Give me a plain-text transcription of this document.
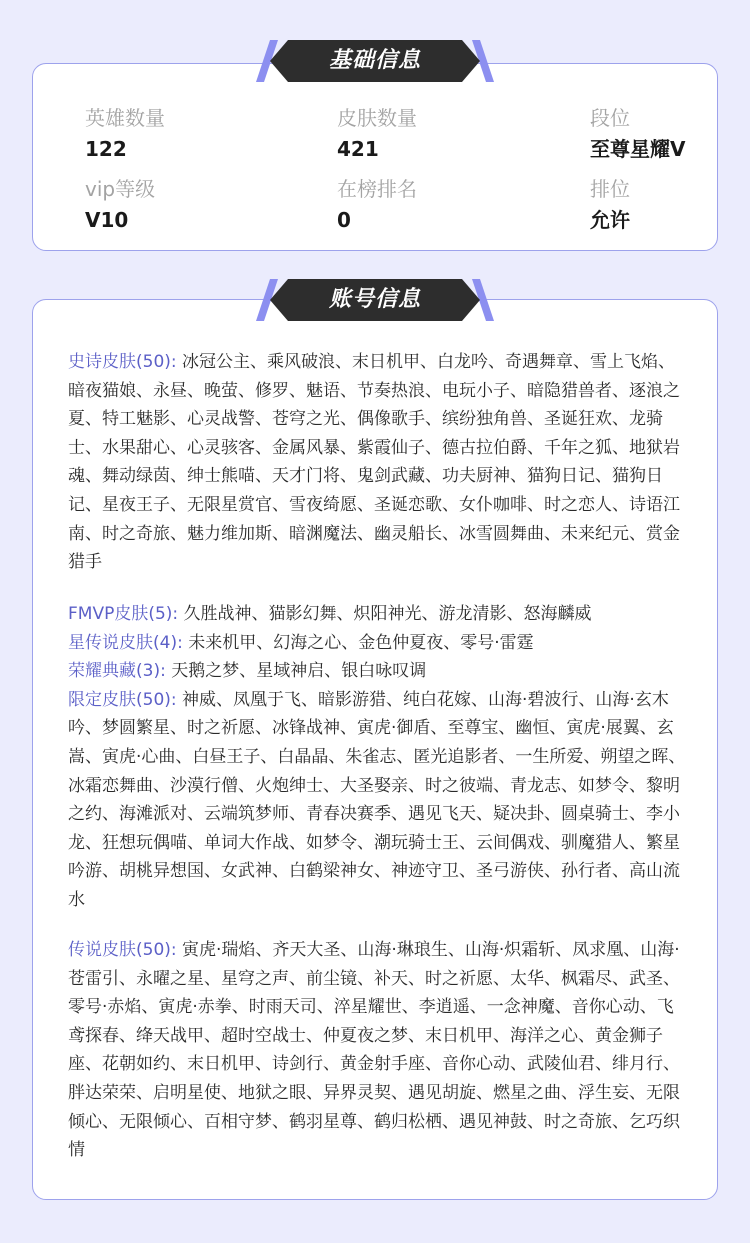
基础信息
英雄数量
122
皮肤数量
421
段位
至尊星耀V
vip等级
V10
在榜排名
0
排位
允许
账号信息

史诗皮肤(50): 冰冠公主、乘风破浪、末日机甲、白龙吟、奇遇舞章、雪上飞焰、暗夜猫娘、永昼、晚萤、修罗、魅语、节奏热浪、电玩小子、暗隐猎兽者、逐浪之夏、特工魅影、心灵战警、苍穹之光、偶像歌手、缤纷独角兽、圣诞狂欢、龙骑士、水果甜心、心灵骇客、金属风暴、紫霞仙子、德古拉伯爵、千年之狐、地狱岩魂、舞动绿茵、绅士熊喵、天才门将、鬼剑武藏、功夫厨神、猫狗日记、猫狗日记、星夜王子、无限星赏官、雪夜绮愿、圣诞恋歌、女仆咖啡、时之恋人、诗语江南、时之奇旅、魅力维加斯、暗渊魔法、幽灵船长、冰雪圆舞曲、未来纪元、赏金猎手

FMVP皮肤(5): 久胜战神、猫影幻舞、炽阳神光、游龙清影、怒海麟威

星传说皮肤(4): 未来机甲、幻海之心、金色仲夏夜、零号·雷霆

荣耀典藏(3): 天鹅之梦、星域神启、银白咏叹调

限定皮肤(50): 神威、凤凰于飞、暗影游猎、纯白花嫁、山海·碧波行、山海·玄木吟、梦圆繁星、时之祈愿、冰锋战神、寅虎·御盾、至尊宝、幽恒、寅虎·展翼、玄嵩、寅虎·心曲、白昼王子、白晶晶、朱雀志、匿光追影者、一生所爱、朔望之晖、冰霜恋舞曲、沙漠行僧、火炮绅士、大圣娶亲、时之彼端、青龙志、如梦令、黎明之约、海滩派对、云端筑梦师、青春决赛季、遇见飞天、疑决卦、圆桌骑士、李小龙、狂想玩偶喵、单词大作战、如梦令、潮玩骑士王、云间偶戏、驯魔猎人、繁星吟游、胡桃异想国、女武神、白鹤梁神女、神迹守卫、圣弓游侠、孙行者、高山流水

传说皮肤(50): 寅虎·瑞焰、齐天大圣、山海·琳琅生、山海·炽霜斩、凤求凰、山海·苍雷引、永曜之星、星穹之声、前尘镜、补天、时之祈愿、太华、枫霜尽、武圣、零号·赤焰、寅虎·赤拳、时雨天司、淬星耀世、李逍遥、一念神魔、音你心动、飞鸢探春、绛天战甲、超时空战士、仲夏夜之梦、末日机甲、海洋之心、黄金狮子座、花朝如约、末日机甲、诗剑行、黄金射手座、音你心动、武陵仙君、绯月行、胖达荣荣、启明星使、地狱之眼、异界灵契、遇见胡旋、燃星之曲、浮生妄、无限倾心、无限倾心、百相守梦、鹤羽星尊、鹤归松栖、遇见神鼓、时之奇旅、乞巧织情
